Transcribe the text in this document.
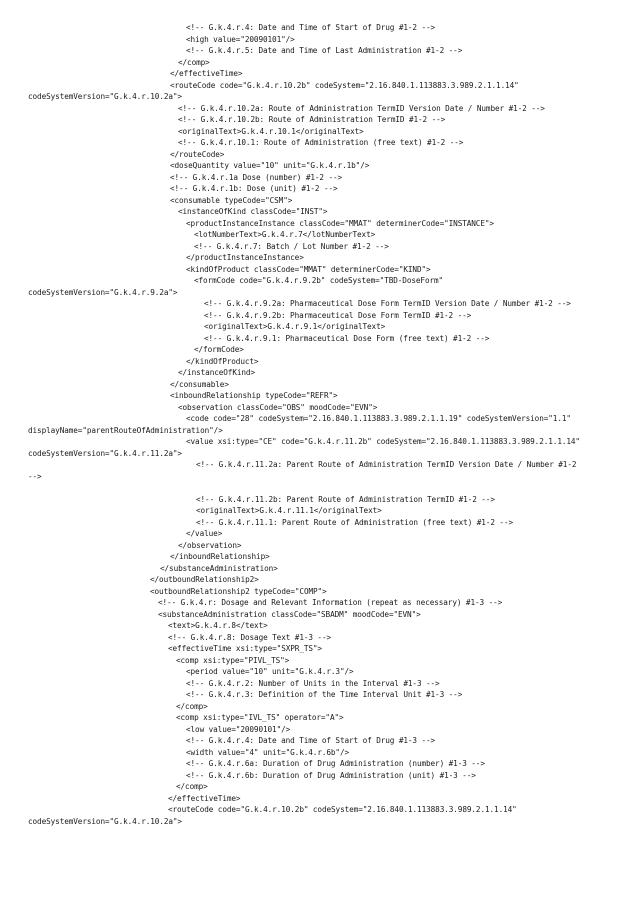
<!-- G.k.4.r.4: Date and Time of Start of Drug #1-2 -->
<high value="20090101"/>
<!-- G.k.4.r.5: Date and Time of Last Administration #1-2 -->
</comp>
</effectiveTime>
<routeCode code="G.k.4.r.10.2b" codeSystem="2.16.840.1.113883.3.989.2.1.1.14"
codeSystemVersion="G.k.4.r.10.2a">
<!-- G.k.4.r.10.2a: Route of Administration TermID Version Date / Number #1-2 -->
<!-- G.k.4.r.10.2b: Route of Administration TermID #1-2 -->
<originalText>G.k.4.r.10.1</originalText>
<!-- G.k.4.r.10.1: Route of Administration (free text) #1-2 -->
</routeCode>
<doseQuantity value="10" unit="G.k.4.r.1b"/>
<!-- G.k.4.r.1a Dose (number) #1-2 -->
<!-- G.k.4.r.1b: Dose (unit) #1-2 -->
<consumable typeCode="CSM">
<instanceOfKind classCode="INST">
<productInstanceInstance classCode="MMAT" determinerCode="INSTANCE">
<lotNumberText>G.k.4.r.7</lotNumberText>
<!-- G.k.4.r.7: Batch / Lot Number #1-2 -->
</productInstanceInstance>
<kindOfProduct classCode="MMAT" determinerCode="KIND">
<formCode code="G.k.4.r.9.2b" codeSystem="TBD-DoseForm"
codeSystemVersion="G.k.4.r.9.2a">
<!-- G.k.4.r.9.2a: Pharmaceutical Dose Form TermID Version Date / Number #1-2 -->
<!-- G.k.4.r.9.2b: Pharmaceutical Dose Form TermID #1-2 -->
<originalText>G.k.4.r.9.1</originalText>
<!-- G.k.4.r.9.1: Pharmaceutical Dose Form (free text) #1-2 -->
</formCode>
</kindOfProduct>
</instanceOfKind>
</consumable>
<inboundRelationship typeCode="REFR">
<observation classCode="OBS" moodCode="EVN">
<code code="28" codeSystem="2.16.840.1.113883.3.989.2.1.1.19" codeSystemVersion="1.1"
displayName="parentRouteOfAdministration"/>
<value xsi:type="CE" code="G.k.4.r.11.2b" codeSystem="2.16.840.1.113883.3.989.2.1.1.14"
codeSystemVersion="G.k.4.r.11.2a">
<!-- G.k.4.r.11.2a: Parent Route of Administration TermID Version Date / Number #1-2
-->
<!-- G.k.4.r.11.2b: Parent Route of Administration TermID #1-2 -->
<originalText>G.k.4.r.11.1</originalText>
<!-- G.k.4.r.11.1: Parent Route of Administration (free text) #1-2 -->
</value>
</observation>
</inboundRelationship>
</substanceAdministration>
</outboundRelationship2>
<outboundRelationship2 typeCode="COMP">
<!-- G.k.4.r: Dosage and Relevant Information (repeat as necessary) #1-3 -->
<substanceAdministration classCode="SBADM" moodCode="EVN">
<text>G.k.4.r.8</text>
<!-- G.k.4.r.8: Dosage Text #1-3 -->
<effectiveTime xsi:type="SXPR_TS">
<comp xsi:type="PIVL_TS">
<period value="10" unit="G.k.4.r.3"/>
<!-- G.k.4.r.2: Number of Units in the Interval #1-3 -->
<!-- G.k.4.r.3: Definition of the Time Interval Unit #1-3 -->
</comp>
<comp xsi:type="IVL_TS" operator="A">
<low value="20090101"/>
<!-- G.k.4.r.4: Date and Time of Start of Drug #1-3 -->
<width value="4" unit="G.k.4.r.6b"/>
<!-- G.k.4.r.6a: Duration of Drug Administration (number) #1-3 -->
<!-- G.k.4.r.6b: Duration of Drug Administration (unit) #1-3 -->
</comp>
</effectiveTime>
<routeCode code="G.k.4.r.10.2b" codeSystem="2.16.840.1.113883.3.989.2.1.1.14"
codeSystemVersion="G.k.4.r.10.2a">
